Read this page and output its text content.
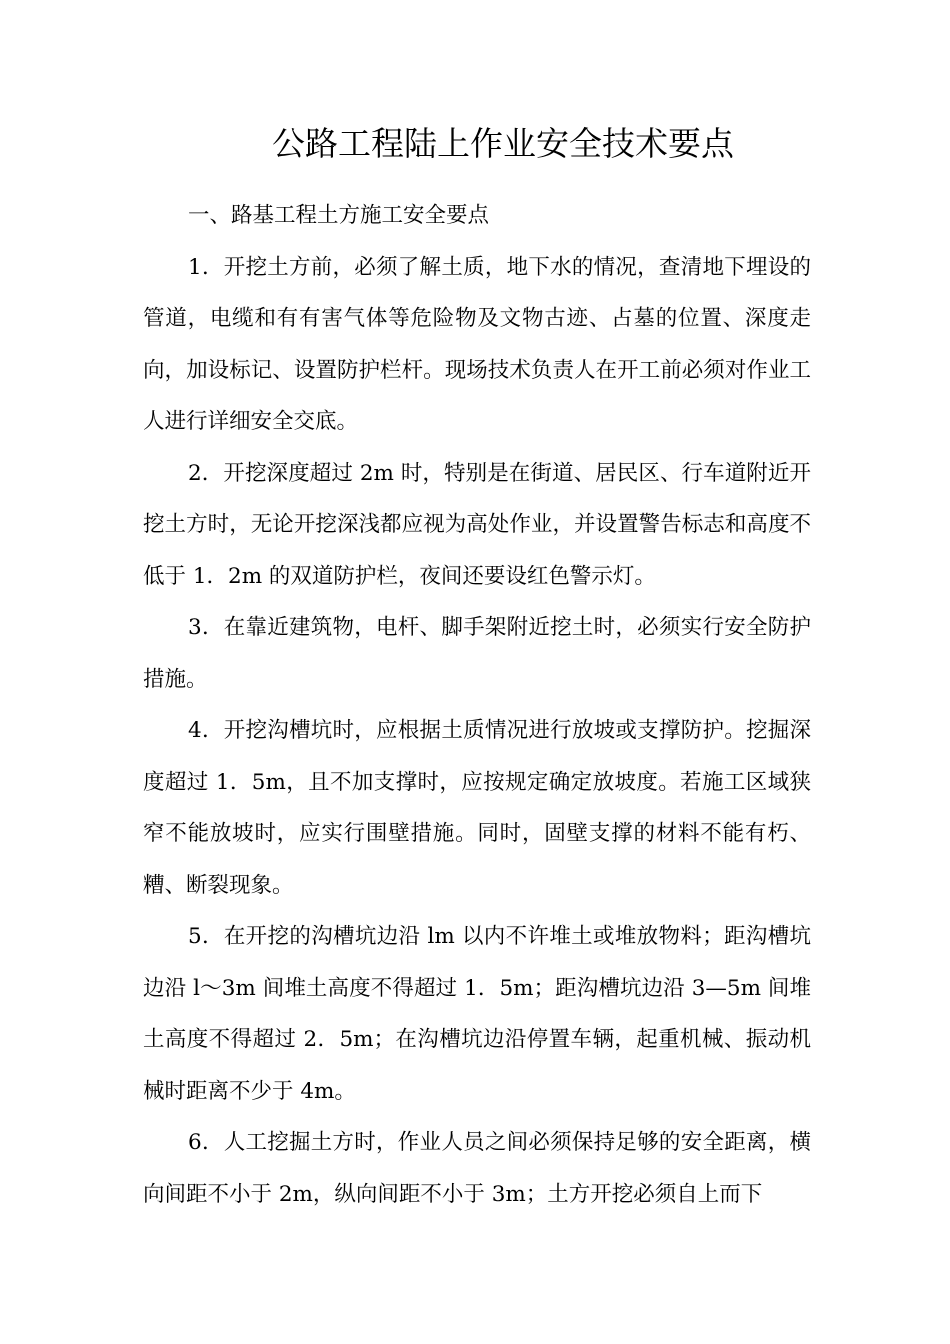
公路工程陆上作业安全技术要点

一、路基工程土方施工安全要点

1．开挖土方前，必须了解土质，地下水的情况，查清地下埋设的管道，电缆和有有害气体等危险物及文物古迹、占墓的位置、深度走向，加设标记、设置防护栏杆。现场技术负责人在开工前必须对作业工人进行详细安全交底。

2．开挖深度超过 2m 时，特别是在街道、居民区、行车道附近开挖土方时，无论开挖深浅都应视为高处作业，并设置警告标志和高度不低于 1．2m 的双道防护栏，夜间还要设红色警示灯。

3．在靠近建筑物，电杆、脚手架附近挖土时，必须实行安全防护措施。

4．开挖沟槽坑时，应根据土质情况进行放坡或支撑防护。挖掘深度超过 1．5m，且不加支撑时，应按规定确定放坡度。若施工区域狭窄不能放坡时，应实行围壁措施。同时，固壁支撑的材料不能有朽、糟、断裂现象。

5．在开挖的沟槽坑边沿 lm 以内不许堆土或堆放物料；距沟槽坑边沿 l～3m 间堆土高度不得超过 1．5m；距沟槽坑边沿 3—5m 间堆土高度不得超过 2．5m；在沟槽坑边沿停置车辆，起重机械、振动机械时距离不少于 4m。

6．人工挖掘土方时，作业人员之间必须保持足够的安全距离，横向间距不小于 2m，纵向间距不小于 3m；土方开挖必须自上而下
